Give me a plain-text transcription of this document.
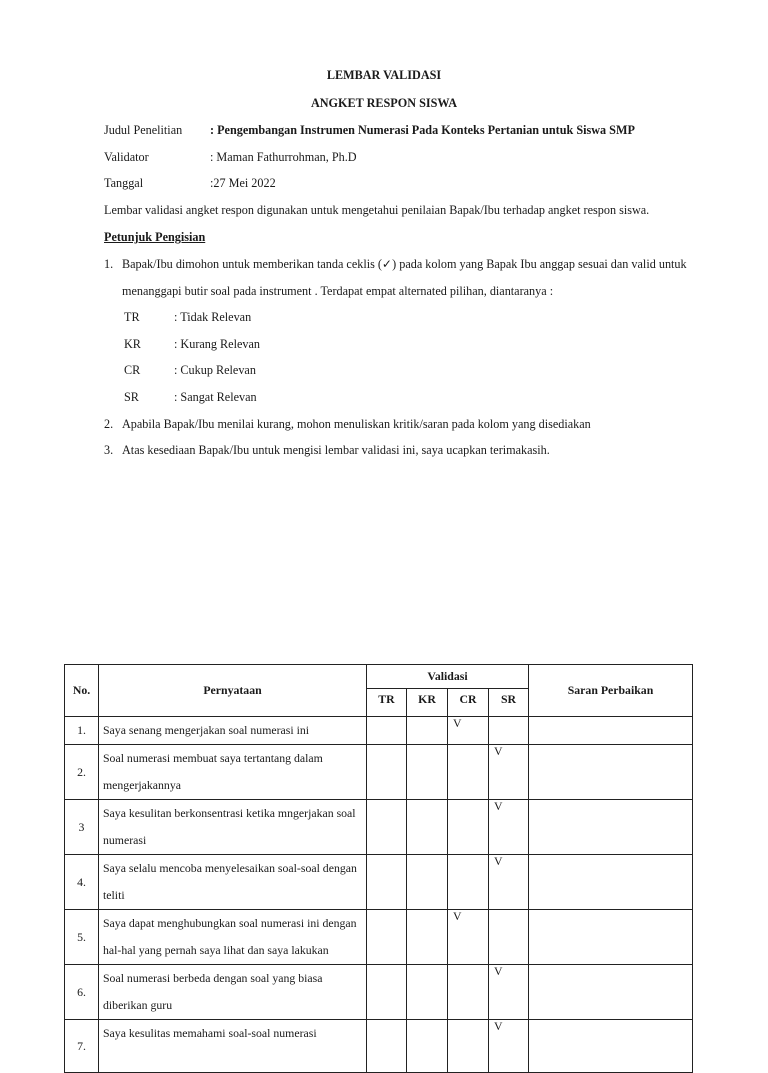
LEMBAR VALIDASI
ANGKET RESPON SISWA
Judul Penelitian : Pengembangan Instrumen Numerasi Pada Konteks Pertanian untuk Siswa SMP
Validator	: Maman Fathurrohman, Ph.D
Tanggal	:27 Mei 2022
Lembar validasi angket respon digunakan untuk mengetahui penilaian Bapak/Ibu terhadap angket respon siswa.
Petunjuk Pengisian
1. Bapak/Ibu dimohon untuk memberikan tanda ceklis (✓) pada kolom yang Bapak Ibu anggap sesuai dan valid untuk
menanggapi butir soal pada instrument . Terdapat empat alternated pilihan, diantaranya :
TR	: Tidak Relevan
KR	: Kurang Relevan
CR	: Cukup Relevan
SR	: Sangat Relevan
2. Apabila Bapak/Ibu menilai kurang, mohon menuliskan kritik/saran pada kolom yang disediakan
3. Atas kesediaan Bapak/Ibu untuk mengisi lembar validasi ini, saya ucapkan terimakasih.
No.	Pernyataan	Validasi				Saran Perbaikan
		TR	KR	CR	SR	
1.	Saya senang mengerjakan soal numerasi ini			V		
2.	Soal numerasi membuat saya tertantang dalam mengerjakannya				V	
3	Saya kesulitan berkonsentrasi ketika mngerjakan soal numerasi				V	
4.	Saya selalu mencoba menyelesaikan soal-soal dengan teliti				V	
5.	Saya dapat menghubungkan soal numerasi ini dengan hal-hal yang pernah saya lihat dan saya lakukan			V		
6.	Soal numerasi berbeda dengan soal yang biasa diberikan guru				V	
7.	Saya kesulitas memahami soal-soal numerasi				V	
